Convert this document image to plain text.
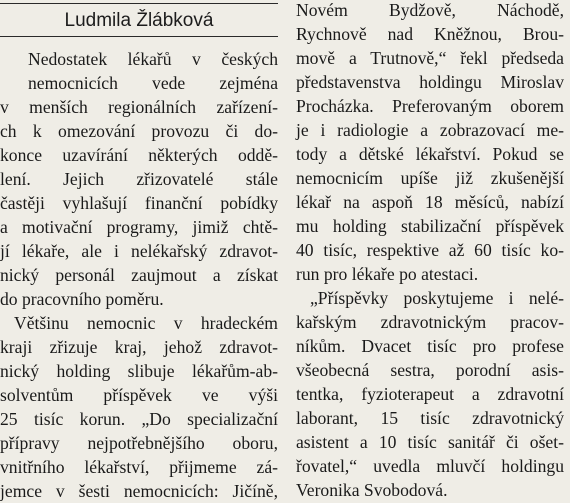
Ludmila Žlábková
Nedostatek lékařů v českých
nemocnicích vede zejména
v menších regionálních zařízení-
ch k omezování provozu či do-
konce uzavírání některých oddě-
lení. Jejich zřizovatelé stále
častěji vyhlašují finanční pobídky
a motivační programy, jimiž chtě-
jí lékaře, ale i nelékařský zdravot-
nický personál zaujmout a získat
do pracovního poměru.
Většinu nemocnic v hradeckém
kraji zřizuje kraj, jehož zdravot-
nický holding slibuje lékařům-ab-
solventům příspěvek ve výši
25 tisíc korun. „Do specializační
přípravy nejpotřebnějšího oboru,
vnitřního lékařství, přijmeme zá-
jemce v šesti nemocnicích: Jičíně,
Novém Bydžově, Náchodě,
Rychnově nad Kněžnou, Brou-
mově a Trutnově,“ řekl předseda
představenstva holdingu Miroslav
Procházka. Preferovaným oborem
je i radiologie a zobrazovací me-
tody a dětské lékařství. Pokud se
nemocnicím upíše již zkušenější
lékař na aspoň 18 měsíců, nabízí
mu holding stabilizační příspěvek
40 tisíc, respektive až 60 tisíc ko-
run pro lékaře po atestaci.
„Příspěvky poskytujeme i nelé-
kařským zdravotnickým pracov-
níkům. Dvacet tisíc pro profese
všeobecná sestra, porodní asis-
tentka, fyzioterapeut a zdravotní
laborant, 15 tisíc zdravotnický
asistent a 10 tisíc sanitář či ošet-
řovatel,“ uvedla mluvčí holdingu
Veronika Svobodová.
